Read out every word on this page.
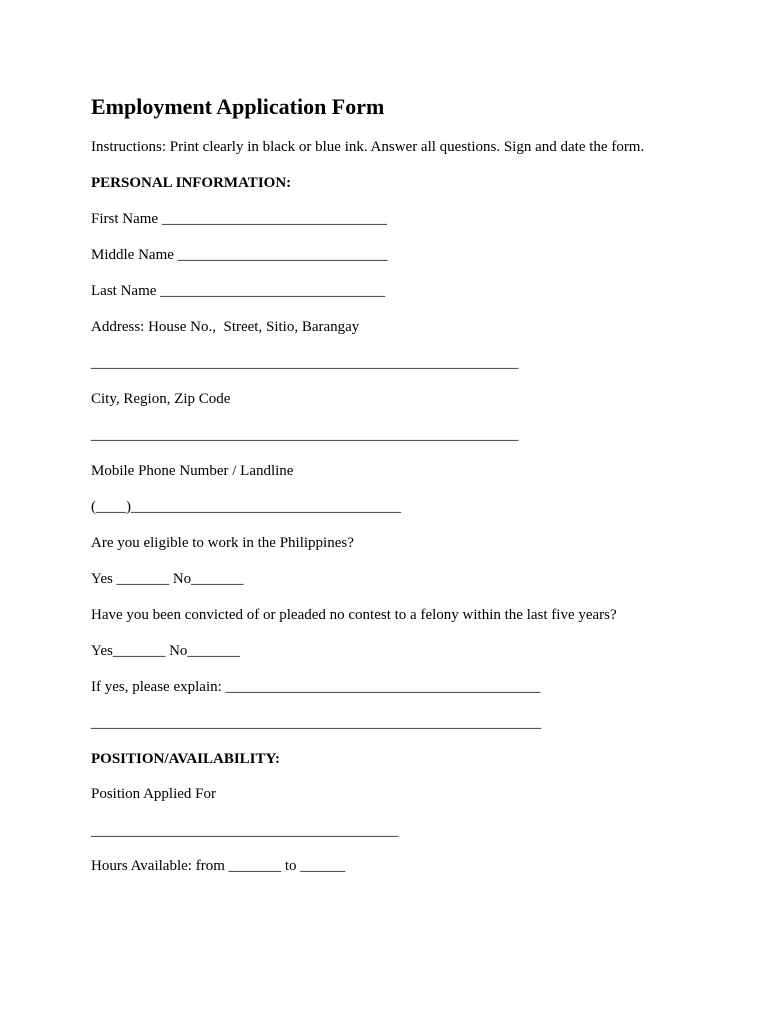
Employment Application Form
Instructions: Print clearly in black or blue ink. Answer all questions. Sign and date the form.
PERSONAL INFORMATION:
First Name ______________________________
Middle Name ____________________________
Last Name ______________________________
Address: House No.,  Street, Sitio, Barangay
_________________________________________________________
City, Region, Zip Code
_________________________________________________________
Mobile Phone Number / Landline
(____)____________________________________
Are you eligible to work in the Philippines?
Yes _______ No_______
Have you been convicted of or pleaded no contest to a felony within the last five years?
Yes_______ No_______
If yes, please explain: __________________________________________
____________________________________________________________
POSITION/AVAILABILITY:
Position Applied For
_________________________________________
Hours Available: from _______ to ______
